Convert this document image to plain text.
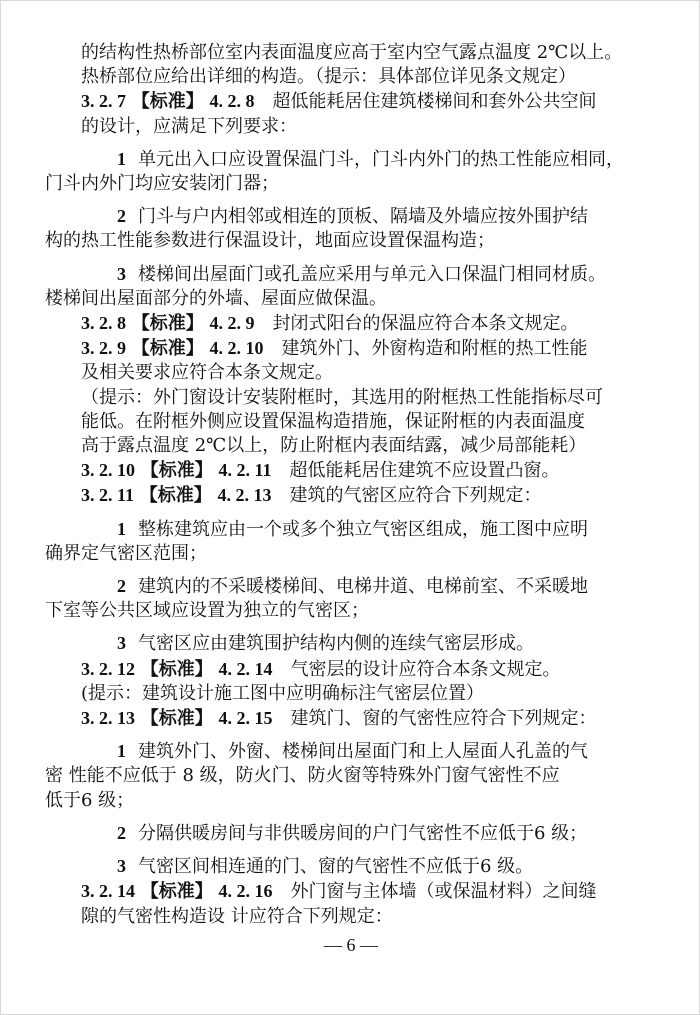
的结构性热桥部位室内表面温度应高于室内空气露点温度 2℃以上。
热桥部位应给出详细的构造。（提示：具体部位详见条文规定）

3. 2. 7 【标准】 4. 2. 8 超低能耗居住建筑楼梯间和套外公共空间
的设计，应满足下列要求：

1 单元出入口应设置保温门斗，门斗内外门的热工性能应相同，
门斗内外门均应安装闭门器；

2 门斗与户内相邻或相连的顶板、隔墙及外墙应按外围护结
构的热工性能参数进行保温设计，地面应设置保温构造；

3 楼梯间出屋面门或孔盖应采用与单元入口保温门相同材质。
楼梯间出屋面部分的外墙、屋面应做保温。

3. 2. 8 【标准】 4. 2. 9 封闭式阳台的保温应符合本条文规定。

3. 2. 9 【标准】 4. 2. 10 建筑外门、外窗构造和附框的热工性能
及相关要求应符合本条文规定。

（提示：外门窗设计安装附框时，其选用的附框热工性能指标尽可
能低。在附框外侧应设置保温构造措施，保证附框的内表面温度
高于露点温度 2℃以上，防止附框内表面结露，减少局部能耗）

3. 2. 10 【标准】 4. 2. 11 超低能耗居住建筑不应设置凸窗。

3. 2. 11 【标准】 4. 2. 13 建筑的气密区应符合下列规定：

1 整栋建筑应由一个或多个独立气密区组成，施工图中应明
确界定气密区范围；

2 建筑内的不采暖楼梯间、电梯井道、电梯前室、不采暖地
下室等公共区域应设置为独立的气密区；

3 气密区应由建筑围护结构内侧的连续气密层形成。

3. 2. 12 【标准】 4. 2. 14 气密层的设计应符合本条文规定。

(提示：建筑设计施工图中应明确标注气密层位置）

3. 2. 13 【标准】 4. 2. 15 建筑门、窗的气密性应符合下列规定：

1 建筑外门、外窗、楼梯间出屋面门和上人屋面人孔盖的气
密 性能不应低于 8 级，防火门、防火窗等特殊外门窗气密性不应
低于6 级；

2 分隔供暖房间与非供暖房间的户门气密性不应低于6 级；

3 气密区间相连通的门、窗的气密性不应低于6 级。

3. 2. 14 【标准】 4. 2. 16 外门窗与主体墙（或保温材料）之间缝
隙的气密性构造设 计应符合下列规定：

— 6 —
